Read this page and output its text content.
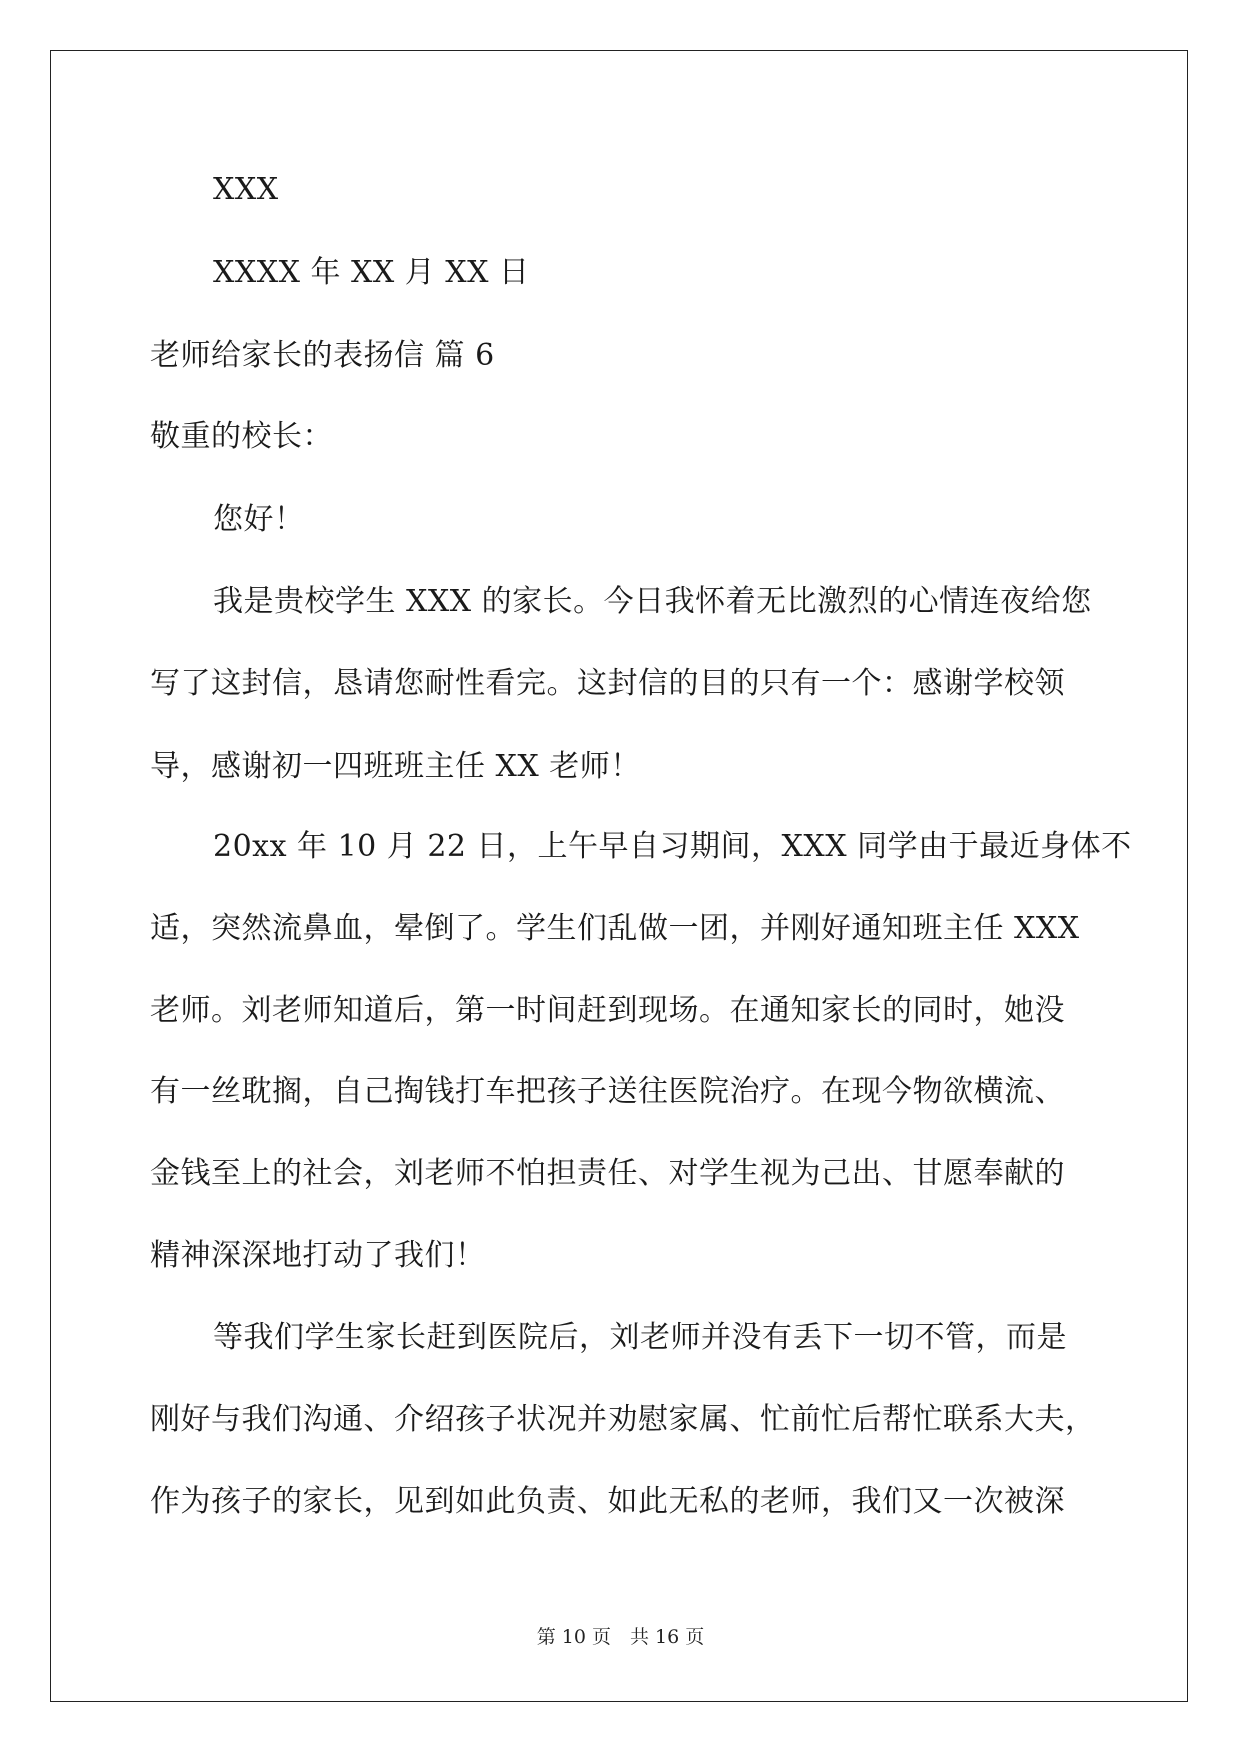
XXX
XXXX 年 XX 月 XX 日
老师给家长的表扬信 篇 6
敬重的校长：
您好！
我是贵校学生 XXX 的家长。今日我怀着无比激烈的心情连夜给您
写了这封信，恳请您耐性看完。这封信的目的只有一个：感谢学校领
导，感谢初一四班班主任 XX 老师！
20xx 年 10 月 22 日，上午早自习期间，XXX 同学由于最近身体不
适，突然流鼻血，晕倒了。学生们乱做一团，并刚好通知班主任 XXX
老师。刘老师知道后，第一时间赶到现场。在通知家长的同时，她没
有一丝耽搁，自己掏钱打车把孩子送往医院治疗。在现今物欲横流、
金钱至上的社会，刘老师不怕担责任、对学生视为己出、甘愿奉献的
精神深深地打动了我们！
等我们学生家长赶到医院后，刘老师并没有丢下一切不管，而是
刚好与我们沟通、介绍孩子状况并劝慰家属、忙前忙后帮忙联系大夫，
作为孩子的家长，见到如此负责、如此无私的老师，我们又一次被深
第 10 页　共 16 页
